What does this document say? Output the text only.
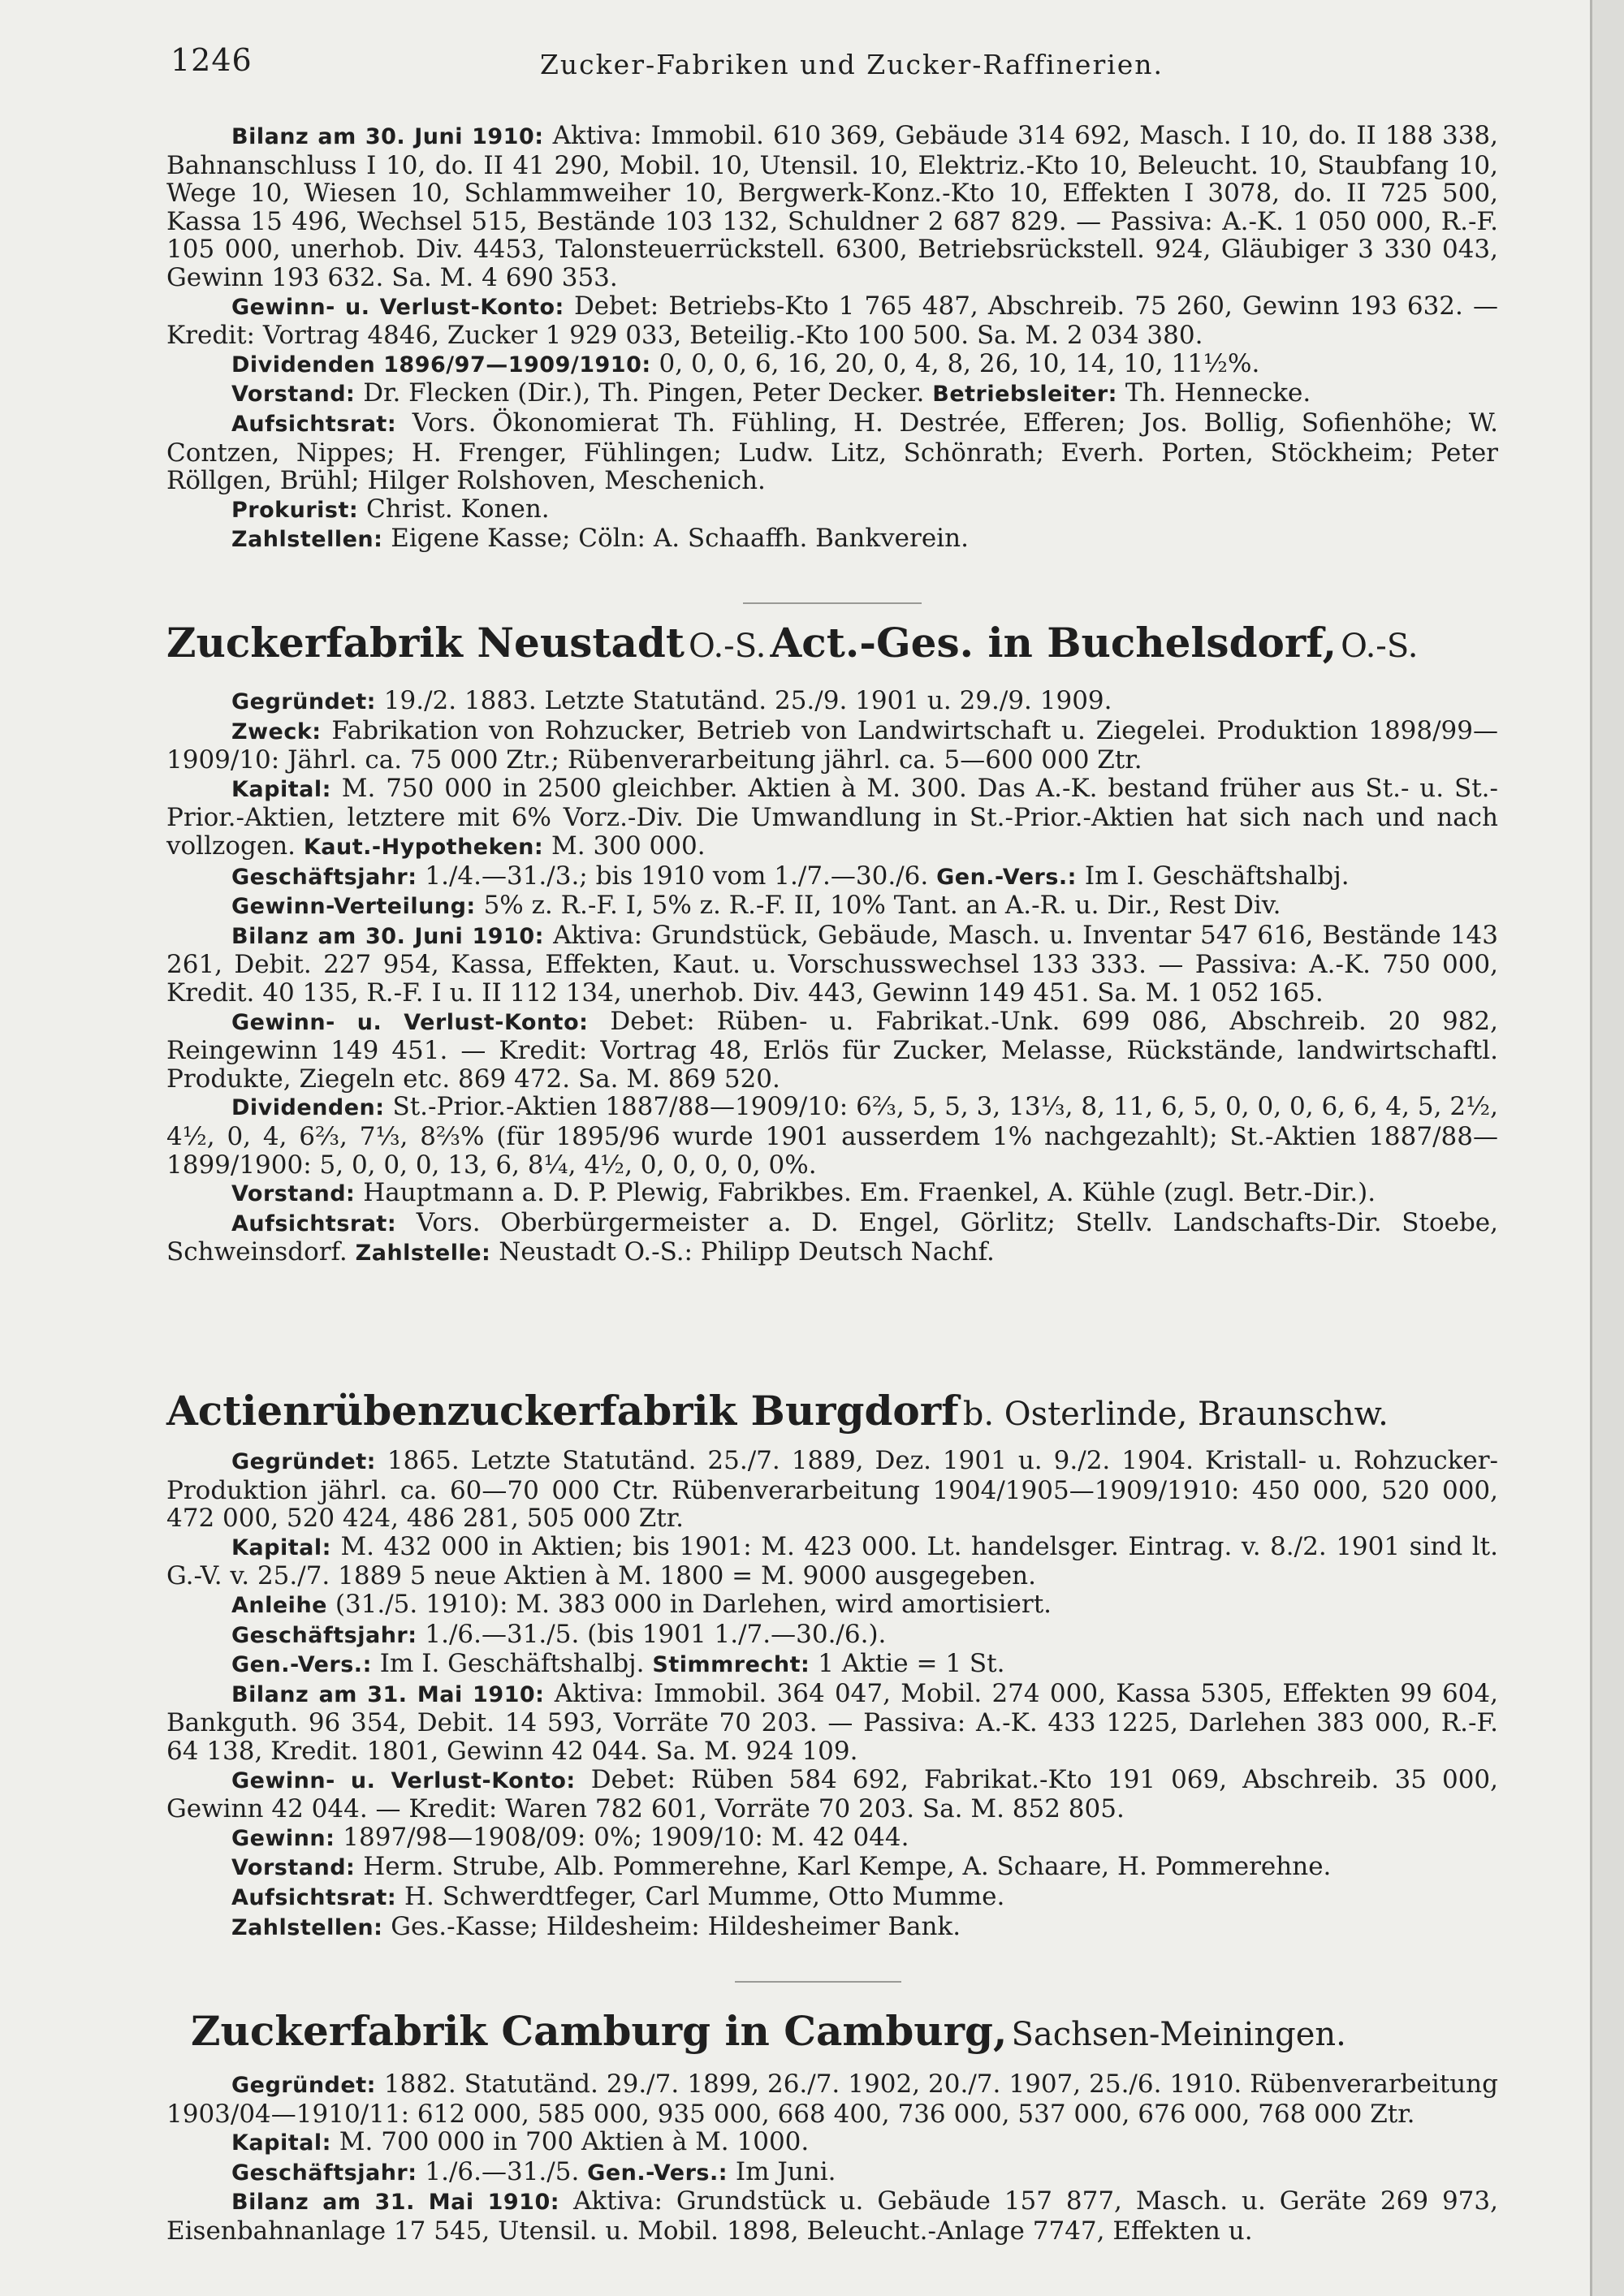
1246	Zucker-Fabriken und Zucker-Raffinerien.

Bilanz am 30. Juni 1910: Aktiva: Immobil. 610 369, Gebäude 314 692, Masch. I 10, do. II 188 338, Bahnanschluss I 10, do. II 41 290, Mobil. 10, Utensil. 10, Elektriz.-Kto 10, Beleucht. 10, Staubfang 10, Wege 10, Wiesen 10, Schlammweiher 10, Bergwerk-Konz.-Kto 10, Effekten I 3078, do. II 725 500, Kassa 15 496, Wechsel 515, Bestände 103 132, Schuldner 2 687 829. — Passiva: A.-K. 1 050 000, R.-F. 105 000, unerhob. Div. 4453, Talonsteuerrückstell. 6300, Betriebsrückstell. 924, Gläubiger 3 330 043, Gewinn 193 632. Sa. M. 4 690 353.

Gewinn- u. Verlust-Konto: Debet: Betriebs-Kto 1 765 487, Abschreib. 75 260, Gewinn 193 632. — Kredit: Vortrag 4846, Zucker 1 929 033, Beteilig.-Kto 100 500. Sa. M. 2 034 380.

Dividenden 1896/97—1909/1910: 0, 0, 0, 6, 16, 20, 0, 4, 8, 26, 10, 14, 10, 11½%.

Vorstand: Dr. Flecken (Dir.), Th. Pingen, Peter Decker. Betriebsleiter: Th. Hennecke.

Aufsichtsrat: Vors. Ökonomierat Th. Fühling, H. Destrée, Efferen; Jos. Bollig, Sofienhöhe; W. Contzen, Nippes; H. Frenger, Fühlingen; Ludw. Litz, Schönrath; Everh. Porten, Stöckheim; Peter Röllgen, Brühl; Hilger Rolshoven, Meschenich.

Prokurist: Christ. Konen.

Zahlstellen: Eigene Kasse; Cöln: A. Schaaffh. Bankverein.

Zuckerfabrik Neustadt O.-S. Act.-Ges. in Buchelsdorf, O.-S.

Gegründet: 19./2. 1883. Letzte Statutänd. 25./9. 1901 u. 29./9. 1909.

Zweck: Fabrikation von Rohzucker, Betrieb von Landwirtschaft u. Ziegelei. Produktion 1898/99—1909/10: Jährl. ca. 75 000 Ztr.; Rübenverarbeitung jährl. ca. 5—600 000 Ztr.

Kapital: M. 750 000 in 2500 gleichber. Aktien à M. 300. Das A.-K. bestand früher aus St.- u. St.-Prior.-Aktien, letztere mit 6% Vorz.-Div. Die Umwandlung in St.-Prior.-Aktien hat sich nach und nach vollzogen. Kaut.-Hypotheken: M. 300 000.

Geschäftsjahr: 1./4.—31./3.; bis 1910 vom 1./7.—30./6. Gen.-Vers.: Im I. Geschäftshalbj.

Gewinn-Verteilung: 5% z. R.-F. I, 5% z. R.-F. II, 10% Tant. an A.-R. u. Dir., Rest Div.

Bilanz am 30. Juni 1910: Aktiva: Grundstück, Gebäude, Masch. u. Inventar 547 616, Bestände 143 261, Debit. 227 954, Kassa, Effekten, Kaut. u. Vorschusswechsel 133 333. — Passiva: A.-K. 750 000, Kredit. 40 135, R.-F. I u. II 112 134, unerhob. Div. 443, Gewinn 149 451. Sa. M. 1 052 165.

Gewinn- u. Verlust-Konto: Debet: Rüben- u. Fabrikat.-Unk. 699 086, Abschreib. 20 982, Reingewinn 149 451. — Kredit: Vortrag 48, Erlös für Zucker, Melasse, Rückstände, landwirtschaftl. Produkte, Ziegeln etc. 869 472. Sa. M. 869 520.

Dividenden: St.-Prior.-Aktien 1887/88—1909/10: 6⅔, 5, 5, 3, 13⅓, 8, 11, 6, 5, 0, 0, 0, 6, 6, 4, 5, 2½, 4½, 0, 4, 6⅔, 7⅓, 8⅔% (für 1895/96 wurde 1901 ausserdem 1% nachgezahlt); St.-Aktien 1887/88—1899/1900: 5, 0, 0, 0, 13, 6, 8¼, 4½, 0, 0, 0, 0, 0%.

Vorstand: Hauptmann a. D. P. Plewig, Fabrikbes. Em. Fraenkel, A. Kühle (zugl. Betr.-Dir.).

Aufsichtsrat: Vors. Oberbürgermeister a. D. Engel, Görlitz; Stellv. Landschafts-Dir. Stoebe, Schweinsdorf. Zahlstelle: Neustadt O.-S.: Philipp Deutsch Nachf.

Actienrübenzuckerfabrik Burgdorf b. Osterlinde, Braunschw.

Gegründet: 1865. Letzte Statutänd. 25./7. 1889, Dez. 1901 u. 9./2. 1904. Kristall- u. Rohzucker-Produktion jährl. ca. 60—70 000 Ctr. Rübenverarbeitung 1904/1905—1909/1910: 450 000, 520 000, 472 000, 520 424, 486 281, 505 000 Ztr.

Kapital: M. 432 000 in Aktien; bis 1901: M. 423 000. Lt. handelsger. Eintrag. v. 8./2. 1901 sind lt. G.-V. v. 25./7. 1889 5 neue Aktien à M. 1800 = M. 9000 ausgegeben.

Anleihe (31./5. 1910): M. 383 000 in Darlehen, wird amortisiert.

Geschäftsjahr: 1./6.—31./5. (bis 1901 1./7.—30./6.).

Gen.-Vers.: Im I. Geschäftshalbj. Stimmrecht: 1 Aktie = 1 St.

Bilanz am 31. Mai 1910: Aktiva: Immobil. 364 047, Mobil. 274 000, Kassa 5305, Effekten 99 604, Bankguth. 96 354, Debit. 14 593, Vorräte 70 203. — Passiva: A.-K. 433 1225, Darlehen 383 000, R.-F. 64 138, Kredit. 1801, Gewinn 42 044. Sa. M. 924 109.

Gewinn- u. Verlust-Konto: Debet: Rüben 584 692, Fabrikat.-Kto 191 069, Abschreib. 35 000, Gewinn 42 044. — Kredit: Waren 782 601, Vorräte 70 203. Sa. M. 852 805.

Gewinn: 1897/98—1908/09: 0%; 1909/10: M. 42 044.

Vorstand: Herm. Strube, Alb. Pommerehne, Karl Kempe, A. Schaare, H. Pommerehne.

Aufsichtsrat: H. Schwerdtfeger, Carl Mumme, Otto Mumme.

Zahlstellen: Ges.-Kasse; Hildesheim: Hildesheimer Bank.

Zuckerfabrik Camburg in Camburg, Sachsen-Meiningen.

Gegründet: 1882. Statutänd. 29./7. 1899, 26./7. 1902, 20./7. 1907, 25./6. 1910. Rübenverarbeitung 1903/04—1910/11: 612 000, 585 000, 935 000, 668 400, 736 000, 537 000, 676 000, 768 000 Ztr.

Kapital: M. 700 000 in 700 Aktien à M. 1000.

Geschäftsjahr: 1./6.—31./5. Gen.-Vers.: Im Juni.

Bilanz am 31. Mai 1910: Aktiva: Grundstück u. Gebäude 157 877, Masch. u. Geräte 269 973, Eisenbahnanlage 17 545, Utensil. u. Mobil. 1898, Beleucht.-Anlage 7747, Effekten u.
